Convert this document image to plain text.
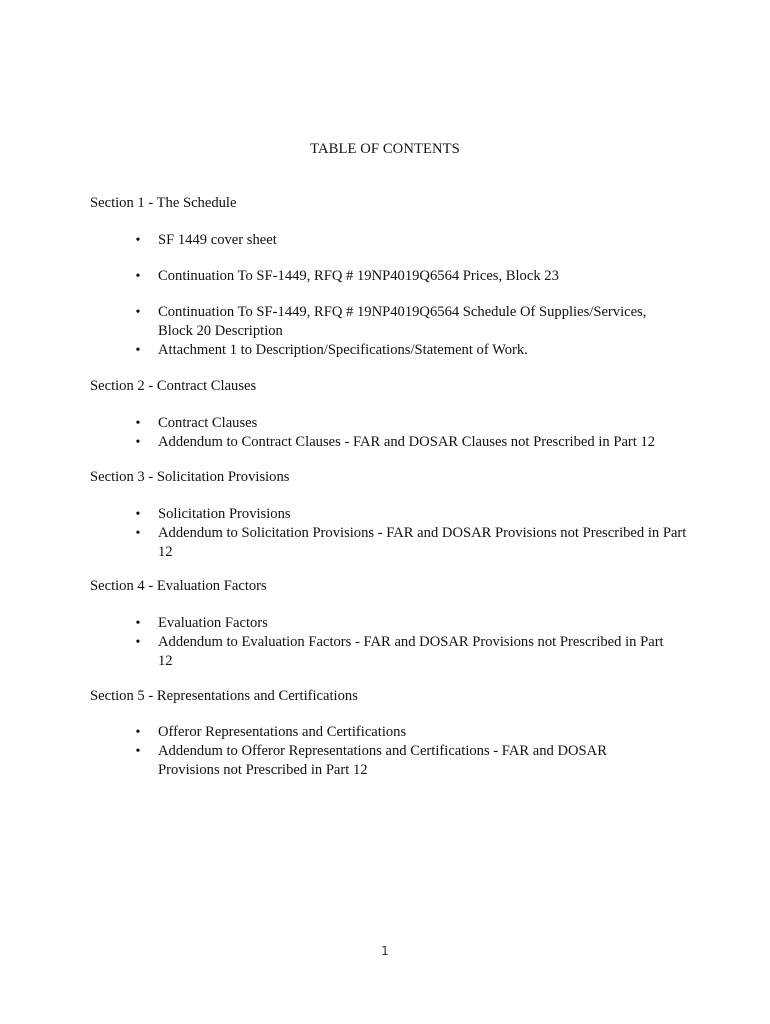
TABLE OF CONTENTS

Section 1 - The Schedule

• SF 1449 cover sheet
• Continuation To SF-1449, RFQ # 19NP4019Q6564 Prices, Block 23
• Continuation To SF-1449, RFQ # 19NP4019Q6564 Schedule Of Supplies/Services, Block 20 Description
• Attachment 1 to Description/Specifications/Statement of Work.

Section 2 - Contract Clauses

• Contract Clauses
• Addendum to Contract Clauses - FAR and DOSAR Clauses not Prescribed in Part 12

Section 3 - Solicitation Provisions

• Solicitation Provisions
• Addendum to Solicitation Provisions - FAR and DOSAR Provisions not Prescribed in Part 12

Section 4 - Evaluation Factors

• Evaluation Factors
• Addendum to Evaluation Factors - FAR and DOSAR Provisions not Prescribed in Part 12

Section 5 - Representations and Certifications

• Offeror Representations and Certifications
• Addendum to Offeror Representations and Certifications - FAR and DOSAR Provisions not Prescribed in Part 12
1
